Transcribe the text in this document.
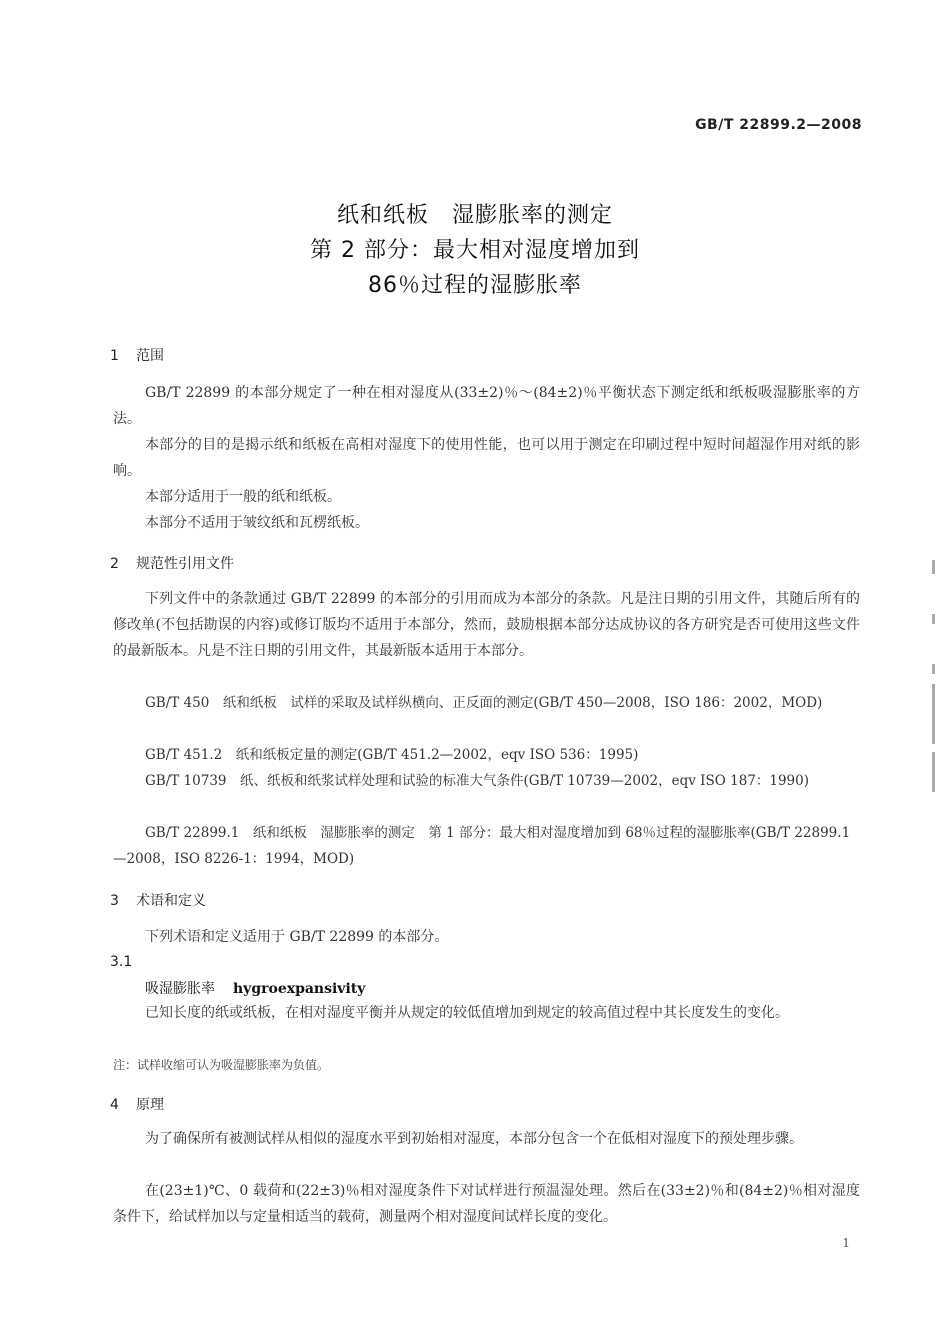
GB/T 22899.2—2008
纸和纸板　湿膨胀率的测定
第 2 部分：最大相对湿度增加到
86％过程的湿膨胀率
1 范围
GB/T 22899 的本部分规定了一种在相对湿度从(33±2)％～(84±2)％平衡状态下测定纸和纸板吸湿膨胀率的方法。
本部分的目的是揭示纸和纸板在高相对湿度下的使用性能，也可以用于测定在印刷过程中短时间超湿作用对纸的影响。
本部分适用于一般的纸和纸板。
本部分不适用于皱纹纸和瓦楞纸板。
2 规范性引用文件
下列文件中的条款通过 GB/T 22899 的本部分的引用而成为本部分的条款。凡是注日期的引用文件，其随后所有的修改单(不包括勘误的内容)或修订版均不适用于本部分，然而，鼓励根据本部分达成协议的各方研究是否可使用这些文件的最新版本。凡是不注日期的引用文件，其最新版本适用于本部分。
GB/T 450　纸和纸板　试样的采取及试样纵横向、正反面的测定(GB/T 450—2008，ISO 186：2002，MOD)
GB/T 451.2　纸和纸板定量的测定(GB/T 451.2—2002，eqv ISO 536：1995)
GB/T 10739　纸、纸板和纸浆试样处理和试验的标准大气条件(GB/T 10739—2002，eqv ISO 187：1990)
GB/T 22899.1　纸和纸板　湿膨胀率的测定　第 1 部分：最大相对湿度增加到 68％过程的湿膨胀率(GB/T 22899.1—2008，ISO 8226-1：1994，MOD)
3 术语和定义
下列术语和定义适用于 GB/T 22899 的本部分。
3.1
吸湿膨胀率 hygroexpansivity
已知长度的纸或纸板，在相对湿度平衡并从规定的较低值增加到规定的较高值过程中其长度发生的变化。
注：试样收缩可认为吸湿膨胀率为负值。
4 原理
为了确保所有被测试样从相似的湿度水平到初始相对湿度，本部分包含一个在低相对湿度下的预处理步骤。
在(23±1)℃、0 载荷和(22±3)％相对湿度条件下对试样进行预温湿处理。然后在(33±2)％和(84±2)％相对湿度条件下，给试样加以与定量相适当的载荷，测量两个相对湿度间试样长度的变化。
1
